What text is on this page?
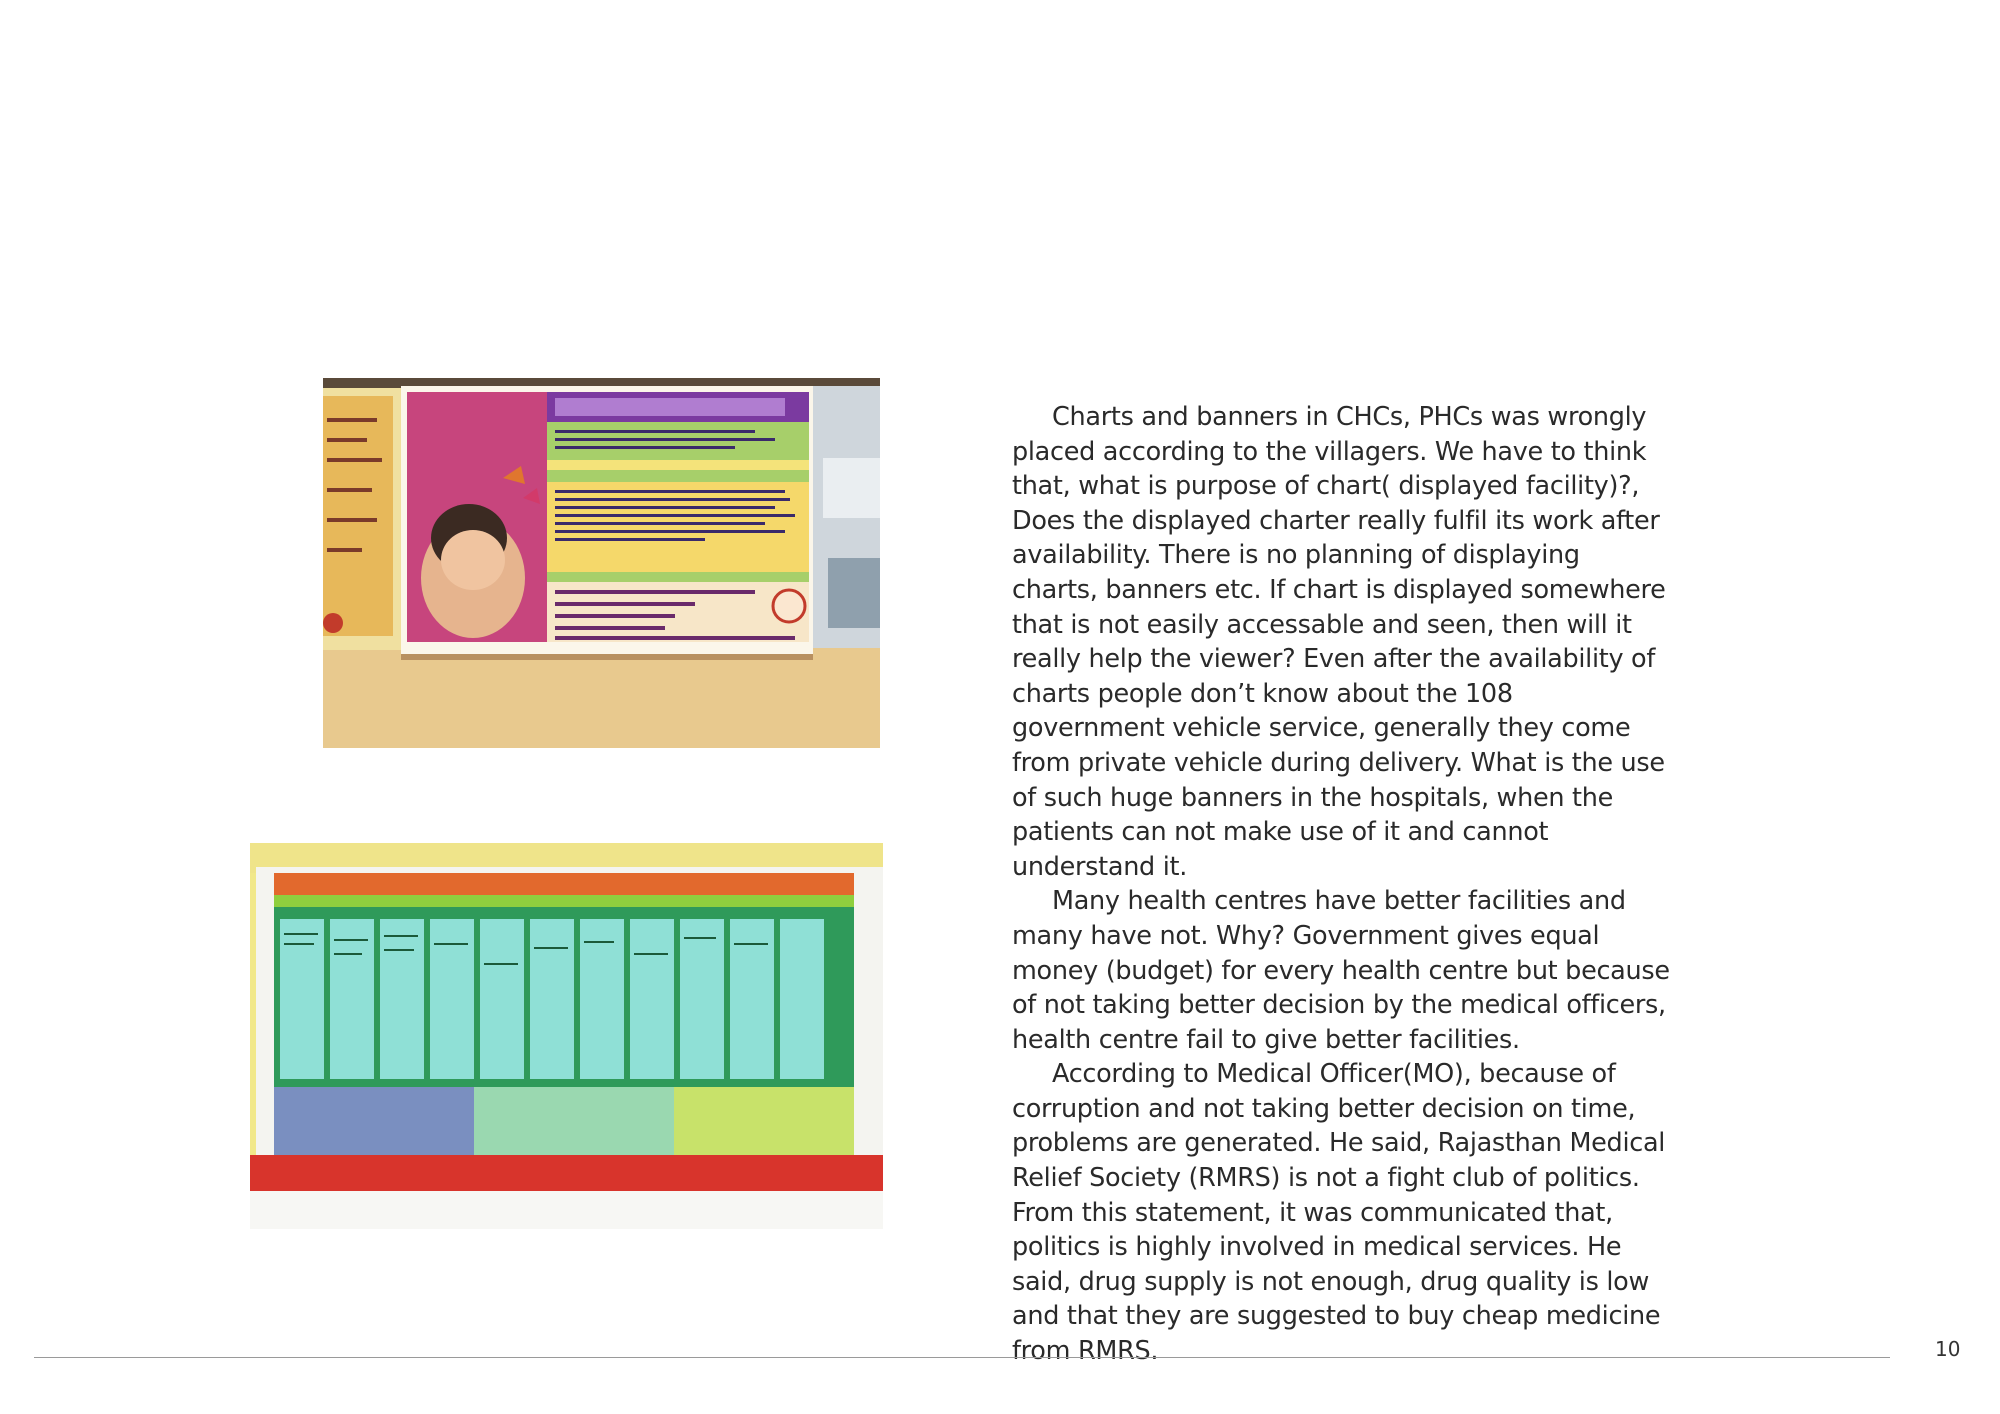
Charts and banners in CHCs, PHCs was wrongly placed according to the villagers. We have to think that, what is purpose of chart( displayed facility)?, Does the displayed charter really fulfil its work after availability. There is no planning of displaying charts, banners etc. If chart is displayed somewhere that is not easily accessable and seen, then will it really help the viewer? Even after the availability of charts people don’t know about the 108 government vehicle service, generally they come from private vehicle during delivery. What is the use of such huge banners in the hospitals, when the patients can not make use of it and cannot understand it.

Many health centres have better facilities and many have not. Why? Government gives equal money (budget) for every health centre but because of not taking better decision by the medical officers, health centre fail to give better facilities.

According to Medical Officer(MO), because of corruption and not taking better decision on time, problems are generated. He said, Rajasthan Medical Relief Society (RMRS) is not a fight club of politics. From this statement, it was communicated that, politics is highly involved in medical services. He said, drug supply is not enough, drug quality is low and that they are suggested to buy cheap medicine from RMRS.	10
